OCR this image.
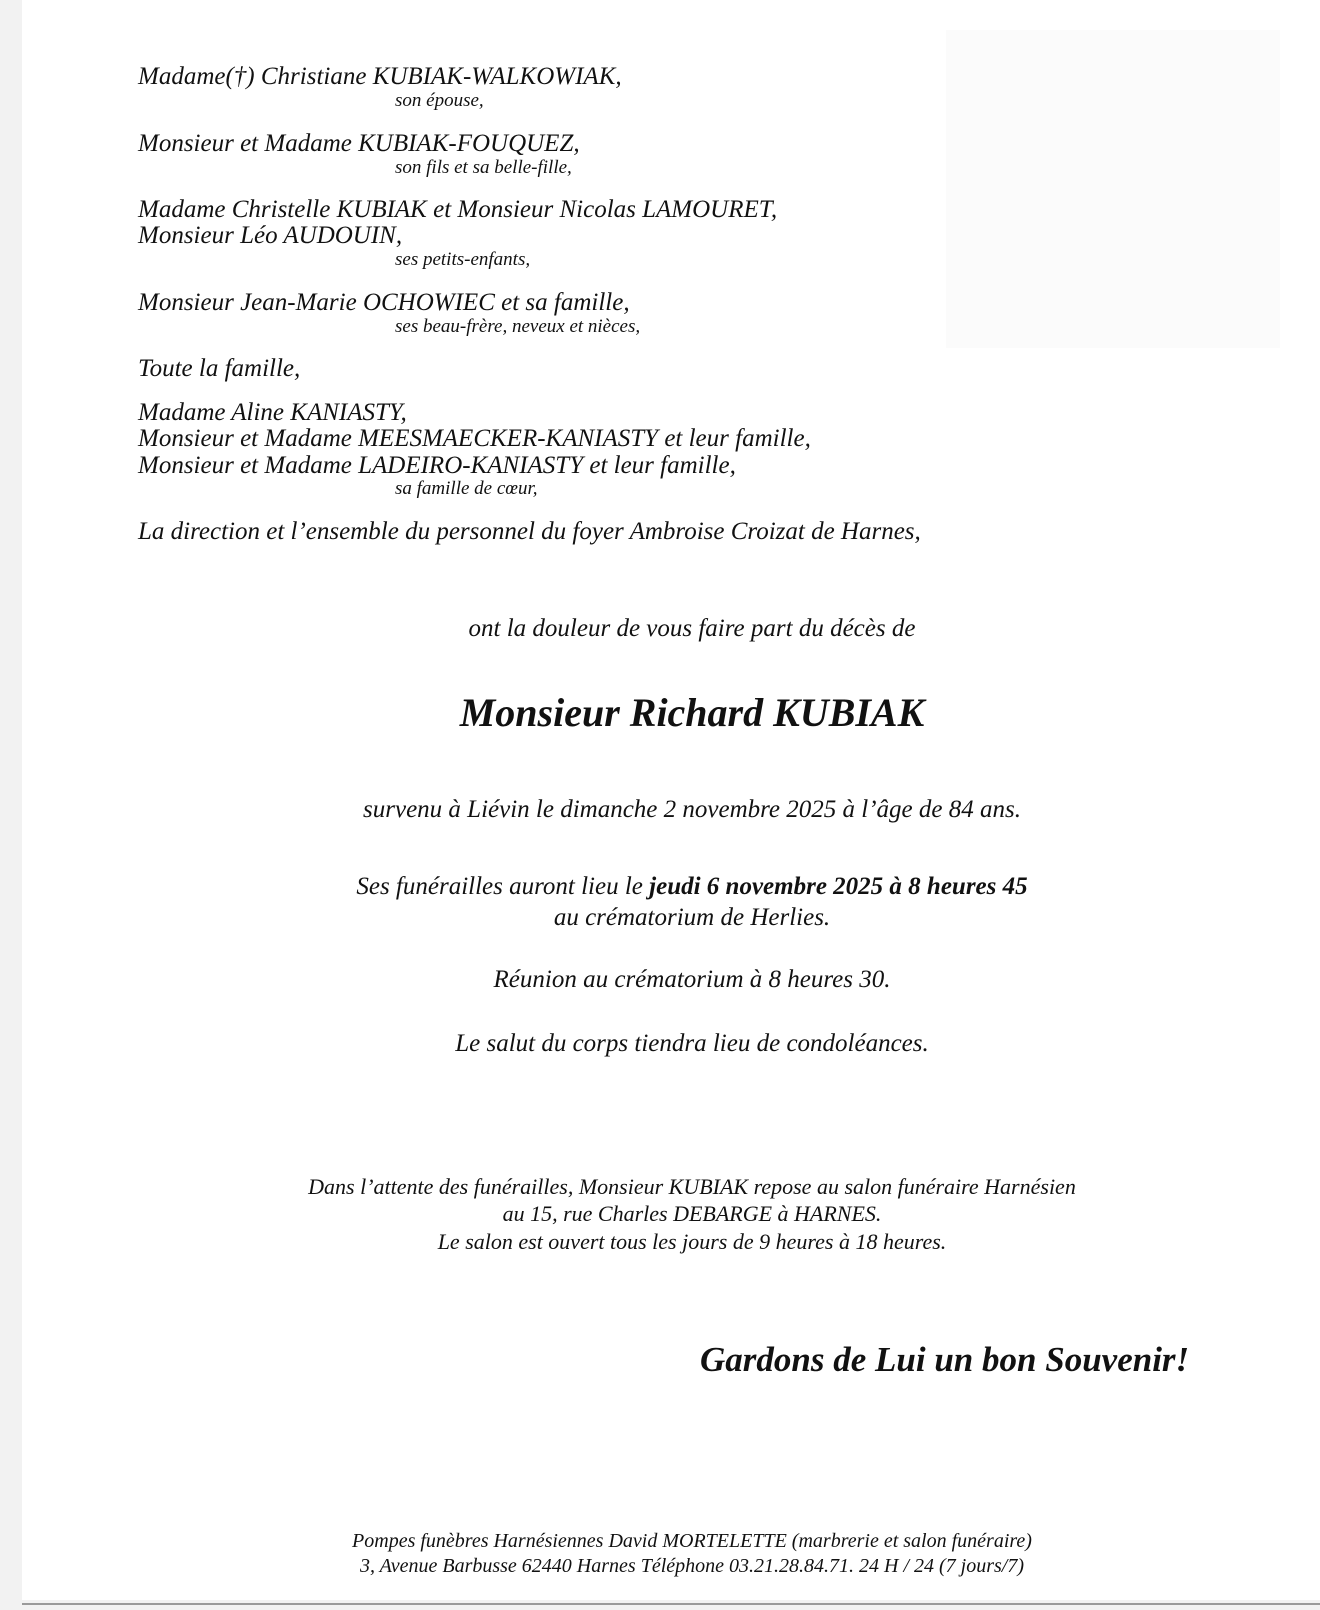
Madame(†) Christiane KUBIAK-WALKOWIAK,
son épouse,
Monsieur et Madame KUBIAK-FOUQUEZ,
son fils et sa belle-fille,
Madame Christelle KUBIAK et Monsieur Nicolas LAMOURET,
Monsieur Léo AUDOUIN,
ses petits-enfants,
Monsieur Jean-Marie OCHOWIEC et sa famille,
ses beau-frère, neveux et nièces,
Toute la famille,
Madame Aline KANIASTY,
Monsieur et Madame MEESMAECKER-KANIASTY et leur famille,
Monsieur et Madame LADEIRO-KANIASTY et leur famille,
sa famille de cœur,
La direction et l’ensemble du personnel du foyer Ambroise Croizat de Harnes,
ont la douleur de vous faire part du décès de
Monsieur Richard KUBIAK
survenu à Liévin le dimanche 2 novembre 2025 à l’âge de 84 ans.
Ses funérailles auront lieu le jeudi 6 novembre 2025 à 8 heures 45
au crématorium de Herlies.
Réunion au crématorium à 8 heures 30.
Le salut du corps tiendra lieu de condoléances.
Dans l’attente des funérailles, Monsieur KUBIAK repose au salon funéraire Harnésien
au 15, rue Charles DEBARGE à HARNES.
Le salon est ouvert tous les jours de 9 heures à 18 heures.
Gardons de Lui un bon Souvenir!
Pompes funèbres Harnésiennes David MORTELETTE (marbrerie et salon funéraire)
3, Avenue Barbusse 62440 Harnes Téléphone 03.21.28.84.71. 24 H / 24 (7 jours/7)
